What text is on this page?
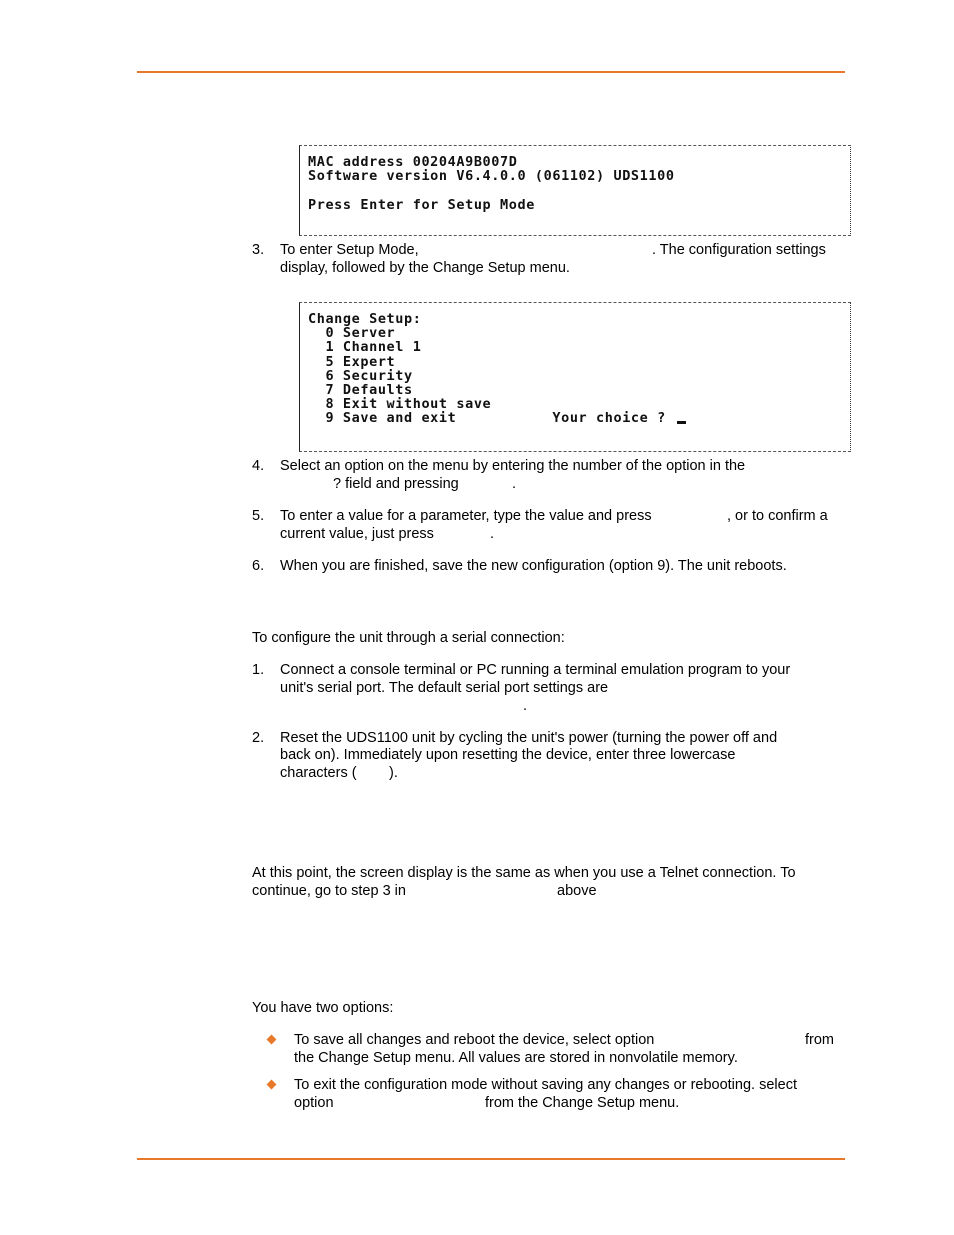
MAC address 00204A9B007D
Software version V6.4.0.0 (061102) UDS1100
Press Enter for Setup Mode
3. To enter Setup Mode,	. The configuration settings
display, followed by the Change Setup menu.
Change Setup:
0 Server
1 Channel 1
5 Expert
6 Security
7 Defaults
8 Exit without save
9 Save and exit           Your choice ?
4. Select an option on the menu by entering the number of the option in the
? field and pressing	.
5. To enter a value for a parameter, type the value and press	, or to confirm a
current value, just press	.
6. When you are finished, save the new configuration (option 9). The unit reboots.
To configure the unit through a serial connection:
1. Connect a console terminal or PC running a terminal emulation program to your
unit's serial port. The default serial port settings are
.
2. Reset the UDS1100 unit by cycling the unit's power (turning the power off and
back on). Immediately upon resetting the device, enter three lowercase
characters ( ).
At this point, the screen display is the same as when you use a Telnet connection. To
continue, go to step 3 in	above
You have two options:
To save all changes and reboot the device, select option	from
the Change Setup menu. All values are stored in nonvolatile memory.
To exit the configuration mode without saving any changes or rebooting. select
option	from the Change Setup menu.
